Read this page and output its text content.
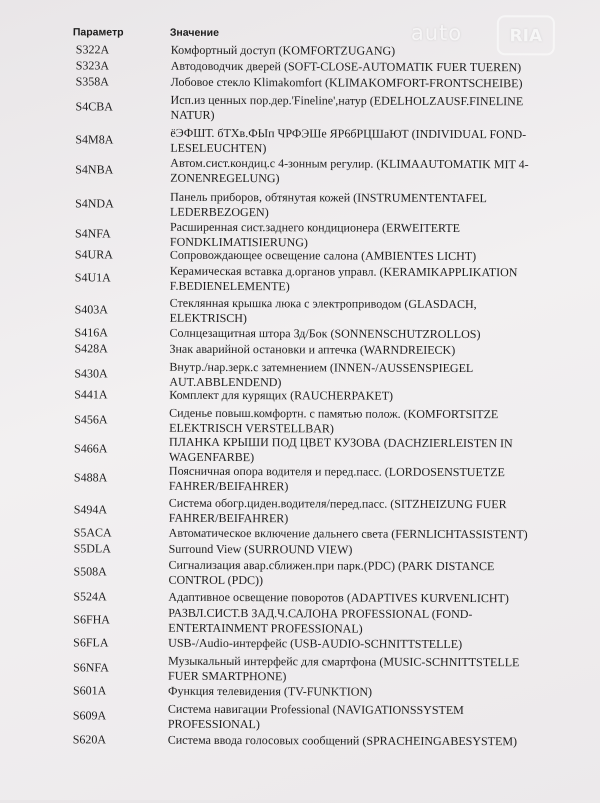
auto	RIA
Параметр	Значение
S322A	Комфортный доступ (KOMFORTZUGANG)
S323A	Автодоводчик дверей (SOFT-CLOSE-AUTOMATIK FUER TUEREN)
S358A	Лобовое стекло Klimakomfort (KLIMAKOMFORT-FRONTSCHEIBE)
S4CBA	Исп.из ценных пор.дер.'Fineline',натур (EDELHOLZAUSF.FINELINE NATUR)
S4M8A	ёЭФШТ. бТХв.ФЫп ЧРФЭШе ЯР6бРЦШаЮТ (INDIVIDUAL FOND-LESELEUCHTEN)
S4NBA	Автом.сист.кондиц.с 4-зонным регулир. (KLIMAAUTOMATIK MIT 4-ZONENREGELUNG)
S4NDA	Панель приборов, обтянутая кожей (INSTRUMENTENTAFEL LEDERBEZOGEN)
S4NFA	Расширенная сист.заднего кондиционера (ERWEITERTE FONDKLIMATISIERUNG)
S4URA	Сопровождающее освещение салона (AMBIENTES LICHT)
S4U1A	Керамическая вставка д.органов управл. (KERAMIKAPPLIKATION F.BEDIENELEMENTE)
S403A	Стеклянная крышка люка с электроприводом (GLASDACH, ELEKTRISCH)
S416A	Солнцезащитная штора Зд/Бок (SONNENSCHUTZROLLOS)
S428A	Знак аварийной остановки и аптечка (WARNDREIECK)
S430A	Внутр./нар.зерк.с затемнением (INNEN-/AUSSENSPIEGEL AUT.ABBLENDEND)
S441A	Комплект для курящих (RAUCHERPAKET)
S456A	Сиденье повыш.комфортн. с памятью полож. (KOMFORTSITZE ELEKTRISCH VERSTELLBAR)
S466A	ПЛАНКА КРЫШИ ПОД ЦВЕТ КУЗОВА (DACHZIERLEISTEN IN WAGENFARBE)
S488A	Поясничная опора водителя и перед.пасс. (LORDOSENSTUETZE FAHRER/BEIFAHRER)
S494A	Система обогр.циден.водителя/перед.пасс. (SITZHEIZUNG FUER FAHRER/BEIFAHRER)
S5ACA	Автоматическое включение дальнего света (FERNLICHTASSISTENT)
S5DLA	Surround View (SURROUND VIEW)
S508A	Сигнализация авар.сближен.при парк.(PDC) (PARK DISTANCE CONTROL (PDC))
S524A	Адаптивное освещение поворотов (ADAPTIVES KURVENLICHT)
S6FHA	РАЗВЛ.СИСТ.В ЗАД.Ч.САЛОНА PROFESSIONAL (FOND-ENTERTAINMENT PROFESSIONAL)
S6FLA	USB-/Audio-интерфейс (USB-AUDIO-SCHNITTSTELLE)
S6NFA	Музыкальный интерфейс для смартфона (MUSIC-SCHNITTSTELLE FUER SMARTPHONE)
S601A	Функция телевидения (TV-FUNKTION)
S609A	Система навигации Professional (NAVIGATIONSSYSTEM PROFESSIONAL)
S620A	Система ввода голосовых сообщений (SPRACHEINGABESYSTEM)
